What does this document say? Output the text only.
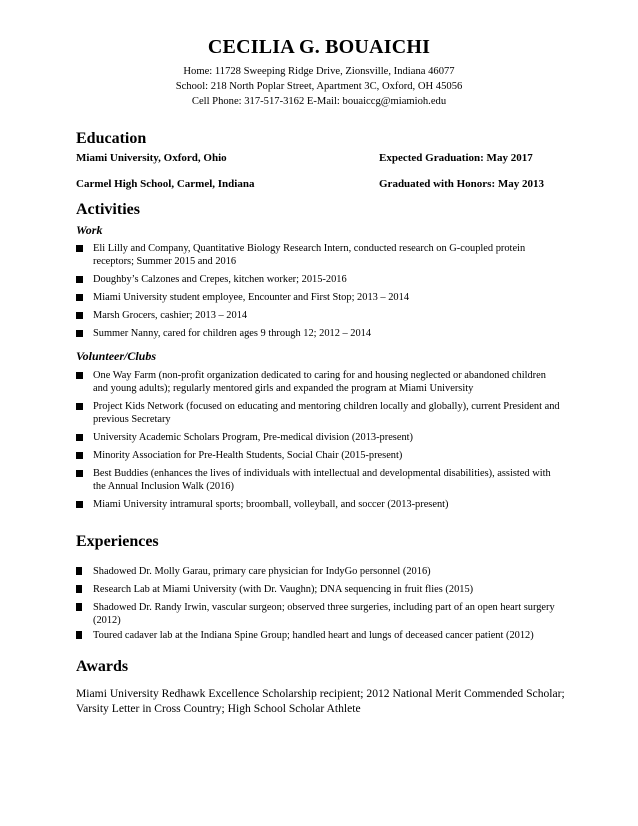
CECILIA G. BOUAICHI
Home: 11728 Sweeping Ridge Drive, Zionsville, Indiana 46077
School: 218 North Poplar Street, Apartment 3C, Oxford, OH 45056
Cell Phone: 317-517-3162 E-Mail: bouaiccg@miamioh.edu
Education
Miami University, Oxford, Ohio	Expected Graduation: May 2017
Carmel High School, Carmel, Indiana	Graduated with Honors: May 2013
Activities
Work
Eli Lilly and Company, Quantitative Biology Research Intern, conducted research on G-coupled protein receptors; Summer 2015 and 2016
Doughby’s Calzones and Crepes, kitchen worker; 2015-2016
Miami University student employee, Encounter and First Stop; 2013 – 2014
Marsh Grocers, cashier; 2013 – 2014
Summer Nanny, cared for children ages 9 through 12; 2012 – 2014
Volunteer/Clubs
One Way Farm (non-profit organization dedicated to caring for and housing neglected or abandoned children and young adults); regularly mentored girls and expanded the program at Miami University
Project Kids Network (focused on educating and mentoring children locally and globally), current President and previous Secretary
University Academic Scholars Program, Pre-medical division (2013-present)
Minority Association for Pre-Health Students, Social Chair (2015-present)
Best Buddies (enhances the lives of individuals with intellectual and developmental disabilities), assisted with the Annual Inclusion Walk (2016)
Miami University intramural sports; broomball, volleyball, and soccer (2013-present)
Experiences
Shadowed Dr. Molly Garau, primary care physician for IndyGo personnel (2016)
Research Lab at Miami University (with Dr. Vaughn); DNA sequencing in fruit flies (2015)
Shadowed Dr. Randy Irwin, vascular surgeon; observed three surgeries, including part of an open heart surgery (2012)
Toured cadaver lab at the Indiana Spine Group; handled heart and lungs of deceased cancer patient (2012)
Awards
Miami University Redhawk Excellence Scholarship recipient; 2012 National Merit Commended Scholar; Varsity Letter in Cross Country; High School Scholar Athlete
